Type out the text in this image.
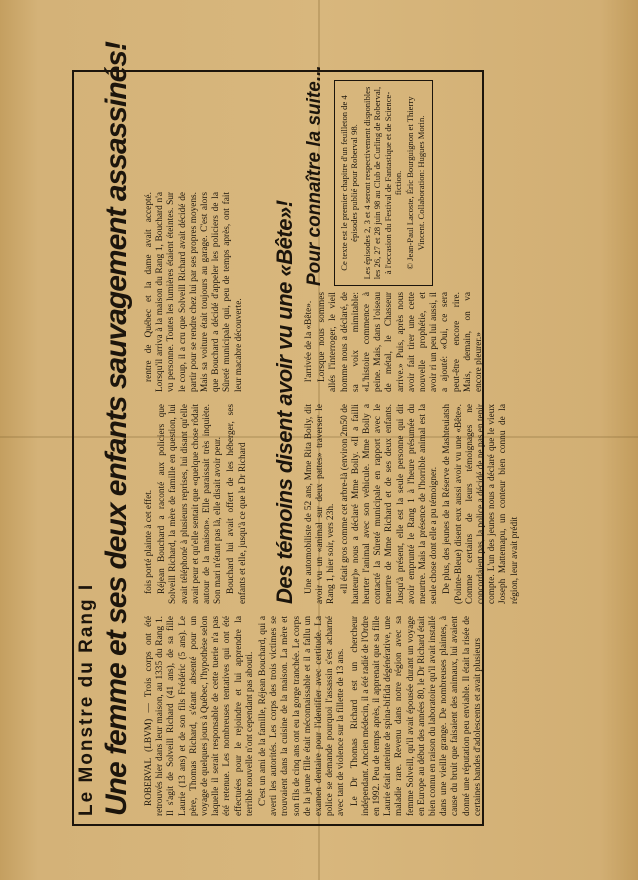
Le Monstre du Rang I Une femme et ses deux enfants sauvagement assassinés! ROBERVAL (LBVM) — Trois corps ont été retrouvés hier dans leur maison, au 1335 du Rang 1. Il s'agit de Solveill Richard (41 ans), de sa fille Laurie (13 ans) et de son fils Frédéric (5 ans). Le père, Thomas Richard, s'étant absenté pour un voyage de quelques jours à Québec, l'hypothèse selon laquelle il serait responsable de cette tuerie n'a pas été retenue. Les nombreuses tentatives qui ont été effectuées pour le rejoindre et lui apprendre la terrible nouvelle n'ont cependant pas abouti. C'est un ami de la famille, Réjean Bouchard, qui a averti les autorités. Les corps des trois victimes se trouvaient dans la cuisine de la maison. La mère et son fils de cinq ans ont eu la gorge tranchée. Le corps de la jeune fille était méconnaissable et il a fallu un examen dentaire pour l'identifier avec certitude. La police se demande pourquoi l'assassin s'est acharné avec tant de violence sur la fillette de 13 ans. Le Dr Thomas Richard est un chercheur indépendant. Ancien médecin, il a été radié de l'Ordre en 1992. Peu de temps après, il apprenait que sa fille Laurie était atteinte de spina-bifida dégénérative, une maladie rare. Revenu dans notre région avec sa femme Solveill, qu'il avait épousée durant un voyage en Europe au début des années 80, le Dr Richard était bien connu en raison du laboratoire qu'il avait installé dans une vieille grange. De nombreuses plaintes, à cause du bruit que faisaient des animaux, lui avaient donné une réputation peu enviable. Il était la risée de certaines bandes d'adolescents et avait plusieurs

fois porté plainte à cet effet. Réjean Bouchard a raconté aux policiers que Solveill Richard, la mère de famille en question, lui avait téléphoné à plusieurs reprises, lui disant qu'elle avait peur et qu'elle sentait que «quelque chose rôdait autour de la maison». Elle paraissait très inquiète. Son mari n'étant pas là, elle disait avoir peur. Bouchard lui avait offert de les héberger, ses enfants et elle, jusqu'à ce que le Dr Richard

rentre de Québec et la dame avait accepté. Lorsqu'il arriva à la maison du Rang 1, Bouchard n'a vu personne. Toutes les lumières étaient éteintes. Sur le coup, il a cru que Solveill Richard avait décidé de partir pour se rendre chez lui par ses propres moyens. Mais sa voiture était toujours au garage. C'est alors que Bouchard a décidé d'appeler les policiers de la Sûreté municipale qui, peu de temps après, ont fait leur macabre découverte. Des témoins disent avoir vu une «Bête»! Une automobiliste de 52 ans, Mme Rita Boily, dit avoir vu un «animal sur deux pattes» traverser le Rang 1, hier soir, vers 23h. «Il était gros comme cet arbre-là (environ 2m50 de hauteur)» nous a déclaré Mme Boily. «Il a failli heurter l'animal avec son véhicule. Mme Boily a contacté la Sûreté municipale en rapport avec le meurtre de Mme Richard et de ses deux enfants. Jusqu'à présent, elle est la seule personne qui dit avoir emprunté le Rang 1 à l'heure présumée du meurtre. Mais la présence de l'horrible animal est la seule chose dont elle a pu témoigner. De plus, des jeunes de la Réserve de Mashteuiatsh (Pointe-Bleue) disent eux aussi avoir vu une «Bête». Comme certains de leurs témoignages ne concordaient pas, la police a décidé de ne pas en tenir compte. L'un des jeunes nous a déclaré que le vieux Joseph Mattemapu, un conteur bien connu de la région, leur avait prédit

l'arrivée de la «Bête». Lorsque nous sommes allés l'interroger, le vieil homme nous a déclaré, de sa voix mimitable: «L'histoire commence à peine. Mais, dans l'oiseau de métal, le Chasseur arrive.» Puis, après nous avoir fait tirer une cette nouvelle prophétie, et avoir ri un peu lui aussi, il a ajouté: «Oui, ce sera peut-être encore rire. Mais, demain, on va encore pleurer.»

Pour connaître la suite... Ce texte est le premier chapitre d'un feuilleton de 4 épisodes publié pour Roberval 98. Les épisodes 2, 3 et 4 seront respectivement disponibles les 26, 27 et 28 juin 98 au Club de Curling de Roberval, à l'occasion du Festival de Fantastique et de Science-fiction. © Jean-Paul Lacoste, Éric Bourguignon et Thierry Vincent. Collaboration: Hugues Morin.
